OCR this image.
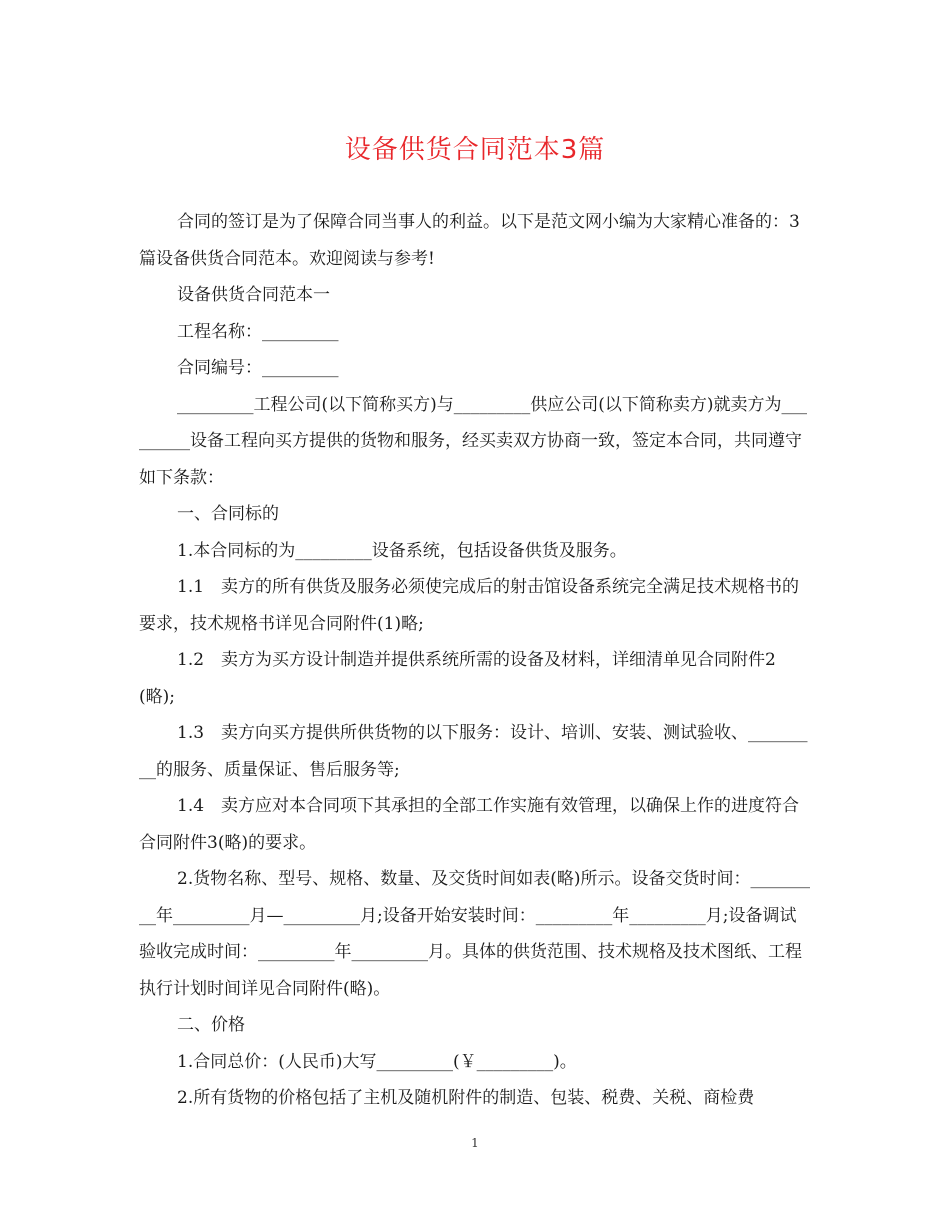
设备供货合同范本3篇

合同的签订是为了保障合同当事人的利益。以下是范文网小编为大家精心准备的：3篇设备供货合同范本。欢迎阅读与参考!

设备供货合同范本一

工程名称：_________

合同编号：_________

_________工程公司(以下简称买方)与_________供应公司(以下简称卖方)就卖方为_________设备工程向买方提供的货物和服务，经买卖双方协商一致，签定本合同，共同遵守如下条款：

一、合同标的

1.本合同标的为_________设备系统，包括设备供货及服务。

1.1　卖方的所有供货及服务必须使完成后的射击馆设备系统完全满足技术规格书的要求，技术规格书详见合同附件(1)略;

1.2　卖方为买方设计制造并提供系统所需的设备及材料，详细清单见合同附件2(略);

1.3　卖方向买方提供所供货物的以下服务：设计、培训、安装、测试验收、_________的服务、质量保证、售后服务等;

1.4　卖方应对本合同项下其承担的全部工作实施有效管理，以确保上作的进度符合合同附件3(略)的要求。

2.货物名称、型号、规格、数量、及交货时间如表(略)所示。设备交货时间：_________年_________月—_________月;设备开始安装时间：_________年_________月;设备调试验收完成时间：_________年_________月。具体的供货范围、技术规格及技术图纸、工程执行计划时间详见合同附件(略)。

二、价格

1.合同总价：(人民币)大写_________(￥_________)。

2.所有货物的价格包括了主机及随机附件的制造、包装、税费、关税、商检费

1
